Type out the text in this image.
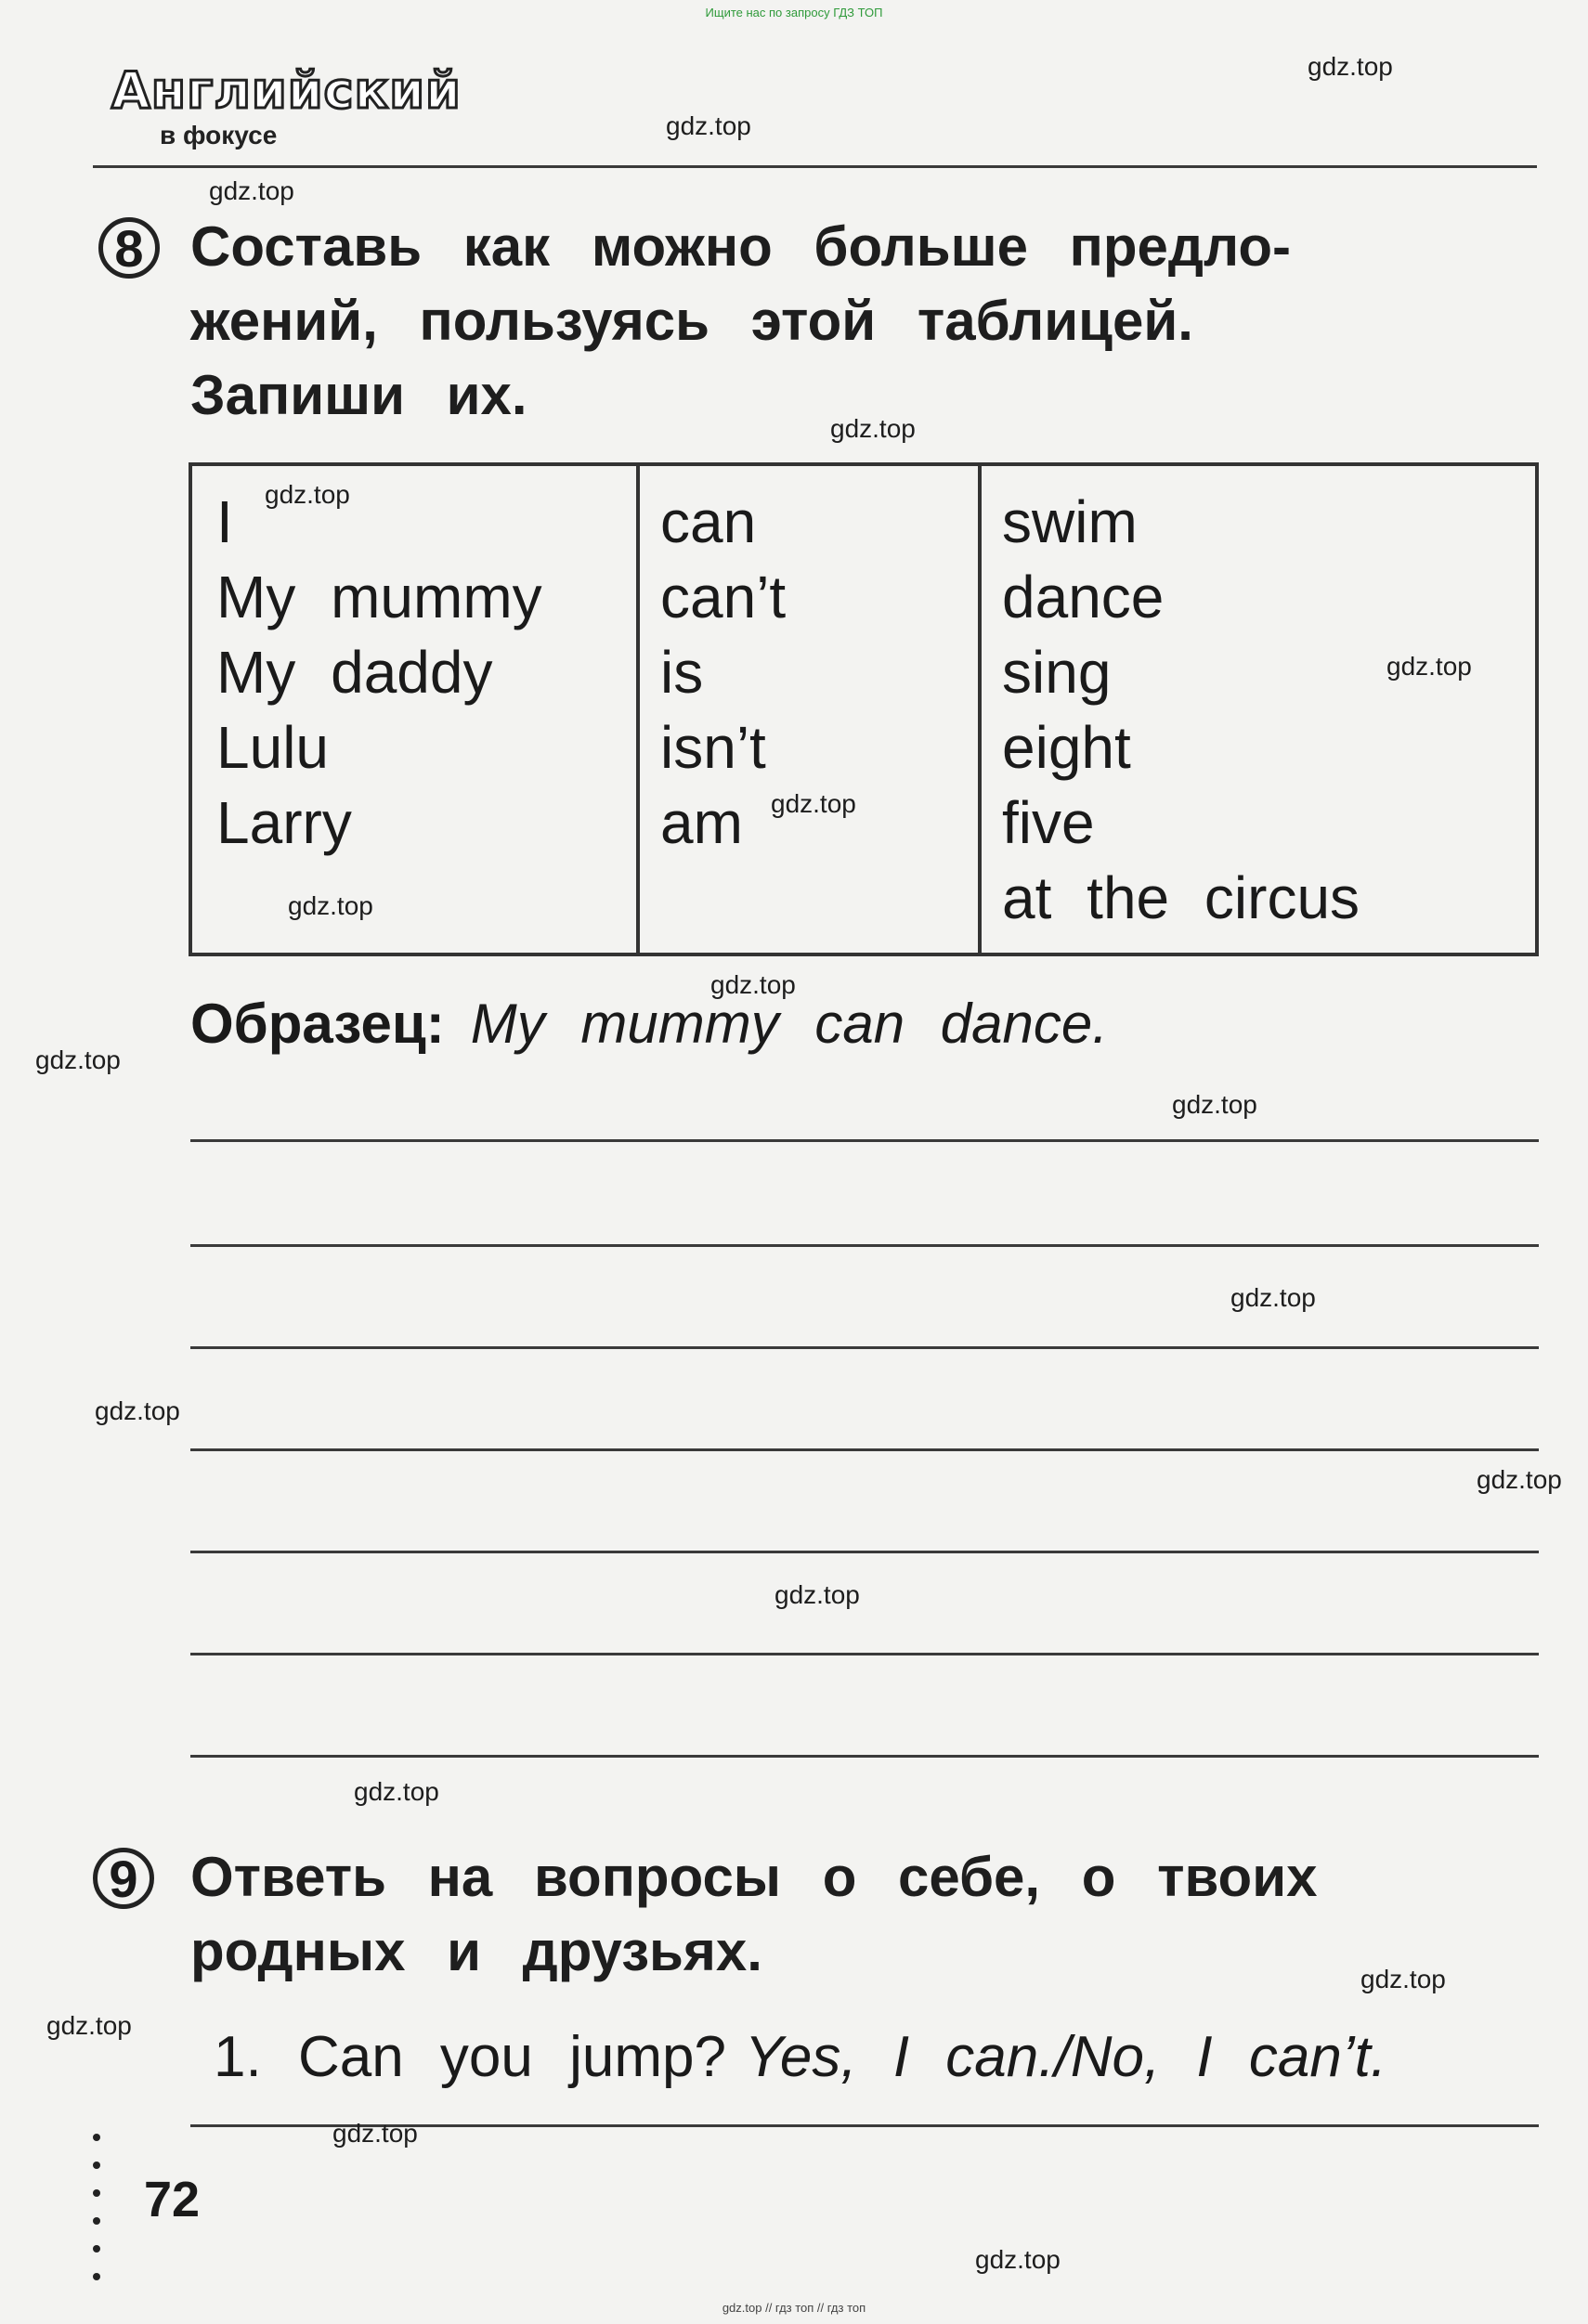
Ищите нас по запросу ГДЗ ТОП
Английский
в фокусе
8 Составь как можно больше предло-
жений, пользуясь этой таблицей.
Запиши их.
I
My mummy
My daddy
Lulu
Larry
can
can’t
is
isn’t
am
swim
dance
sing
eight
five
at the circus
Образец: My mummy can dance.
9 Ответь на вопросы о себе, о твоих
родных и друзьях.
1. Can you jump? Yes, I can./No, I can’t.
72
gdz.top
gdz.top
gdz.top
gdz.top
gdz.top
gdz.top
gdz.top
gdz.top
gdz.top
gdz.top
gdz.top
gdz.top
gdz.top
gdz.top
gdz.top
gdz.top
gdz.top
gdz.top
gdz.top
gdz.top
gdz.top // гдз топ // гдз топ
